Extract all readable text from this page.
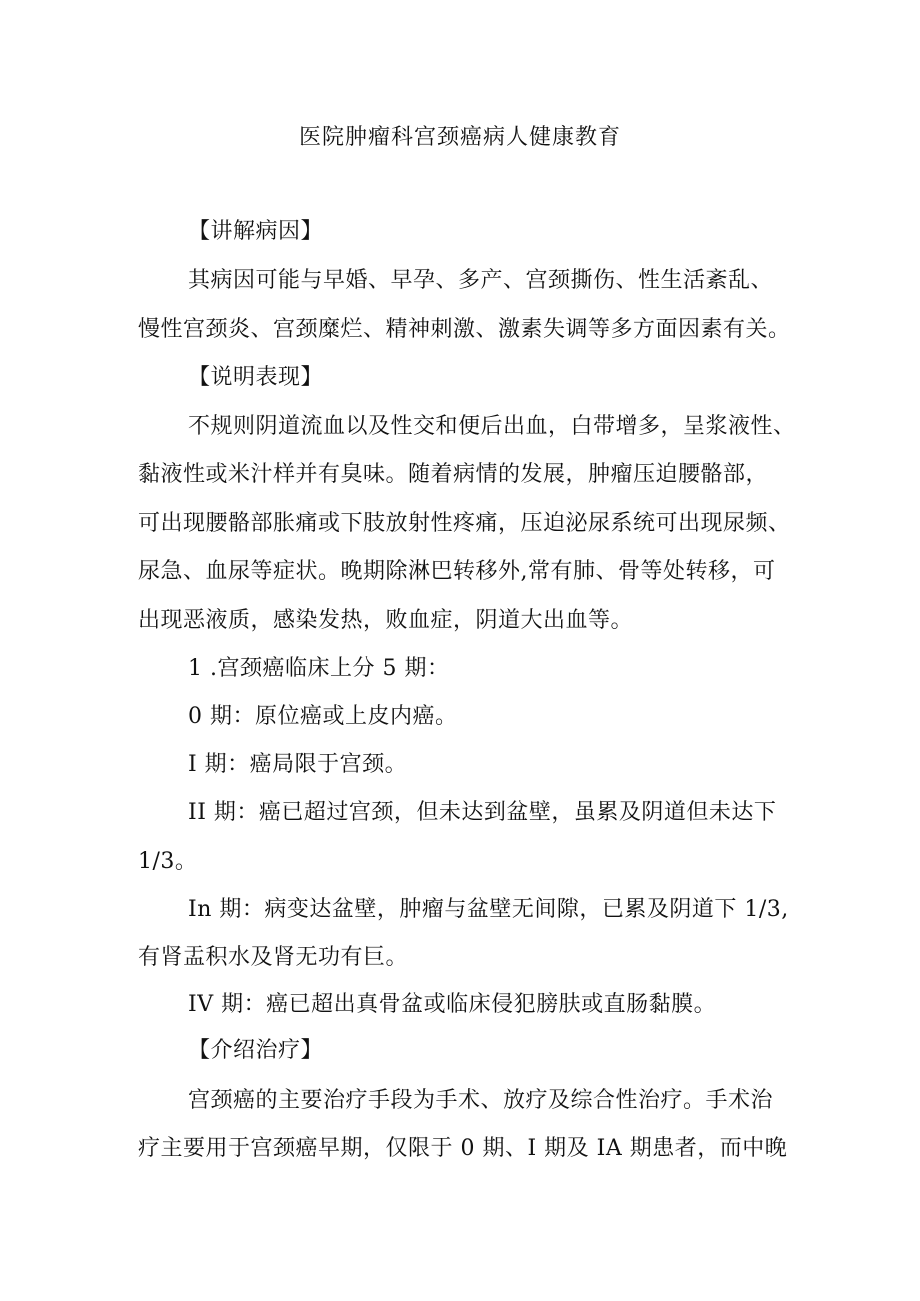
医院肿瘤科宫颈癌病人健康教育
【讲解病因】
其病因可能与早婚、早孕、多产、宫颈撕伤、性生活紊乱、
慢性宫颈炎、宫颈糜烂、精神刺激、激素失调等多方面因素有关。
【说明表现】
不规则阴道流血以及性交和便后出血，白带增多，呈浆液性、
黏液性或米汁样并有臭味。随着病情的发展，肿瘤压迫腰骼部，
可出现腰骼部胀痛或下肢放射性疼痛，压迫泌尿系统可出现尿频、
尿急、血尿等症状。晚期除淋巴转移外,常有肺、骨等处转移，可
出现恶液质，感染发热，败血症，阴道大出血等。
1 .宫颈癌临床上分 5 期：
0 期：原位癌或上皮内癌。
I 期：癌局限于宫颈。
II 期：癌已超过宫颈，但未达到盆壁，虽累及阴道但未达下
1/3。
In 期：病变达盆壁，肿瘤与盆壁无间隙，已累及阴道下 1/3,
有肾盂积水及肾无功有巨。
IV 期：癌已超出真骨盆或临床侵犯膀肤或直肠黏膜。
【介绍治疗】
宫颈癌的主要治疗手段为手术、放疗及综合性治疗。手术治
疗主要用于宫颈癌早期，仅限于 0 期、I 期及 IA 期患者，而中晚
